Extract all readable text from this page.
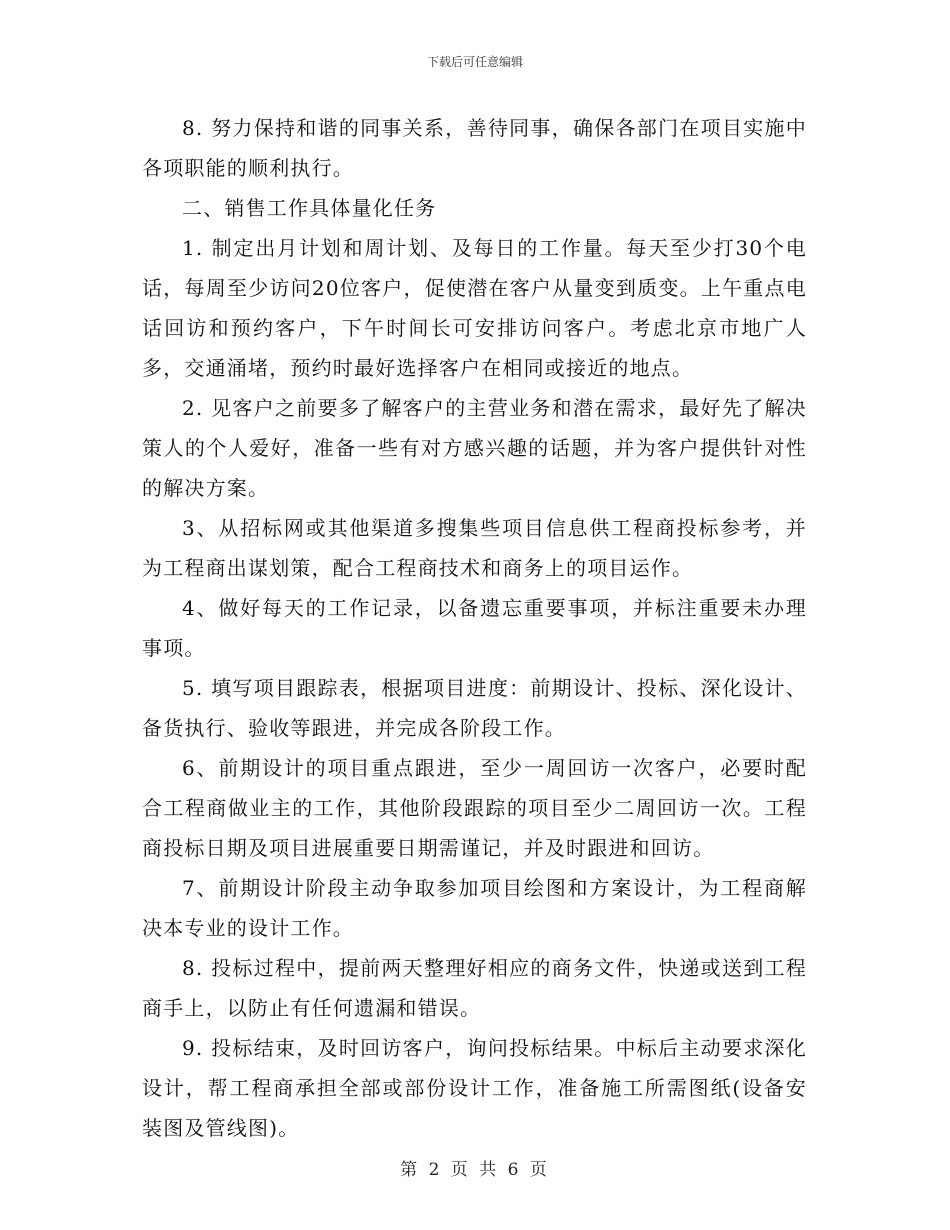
下载后可任意编辑

8. 努力保持和谐的同事关系，善待同事，确保各部门在项目实施中各项职能的顺利执行。

二、销售工作具体量化任务

1. 制定出月计划和周计划、及每日的工作量。每天至少打30个电话，每周至少访问20位客户，促使潜在客户从量变到质变。上午重点电话回访和预约客户，下午时间长可安排访问客户。考虑北京市地广人多，交通涌堵，预约时最好选择客户在相同或接近的地点。

2. 见客户之前要多了解客户的主营业务和潜在需求，最好先了解决策人的个人爱好，准备一些有对方感兴趣的话题，并为客户提供针对性的解决方案。

3、从招标网或其他渠道多搜集些项目信息供工程商投标参考，并为工程商出谋划策，配合工程商技术和商务上的项目运作。

4、做好每天的工作记录，以备遗忘重要事项，并标注重要未办理事项。

5. 填写项目跟踪表，根据项目进度：前期设计、投标、深化设计、备货执行、验收等跟进，并完成各阶段工作。

6、前期设计的项目重点跟进，至少一周回访一次客户，必要时配合工程商做业主的工作，其他阶段跟踪的项目至少二周回访一次。工程商投标日期及项目进展重要日期需谨记，并及时跟进和回访。

7、前期设计阶段主动争取参加项目绘图和方案设计，为工程商解决本专业的设计工作。

8. 投标过程中，提前两天整理好相应的商务文件，快递或送到工程商手上，以防止有任何遗漏和错误。

9. 投标结束，及时回访客户，询问投标结果。中标后主动要求深化设计，帮工程商承担全部或部份设计工作，准备施工所需图纸(设备安装图及管线图)。

第 2 页 共 6 页
